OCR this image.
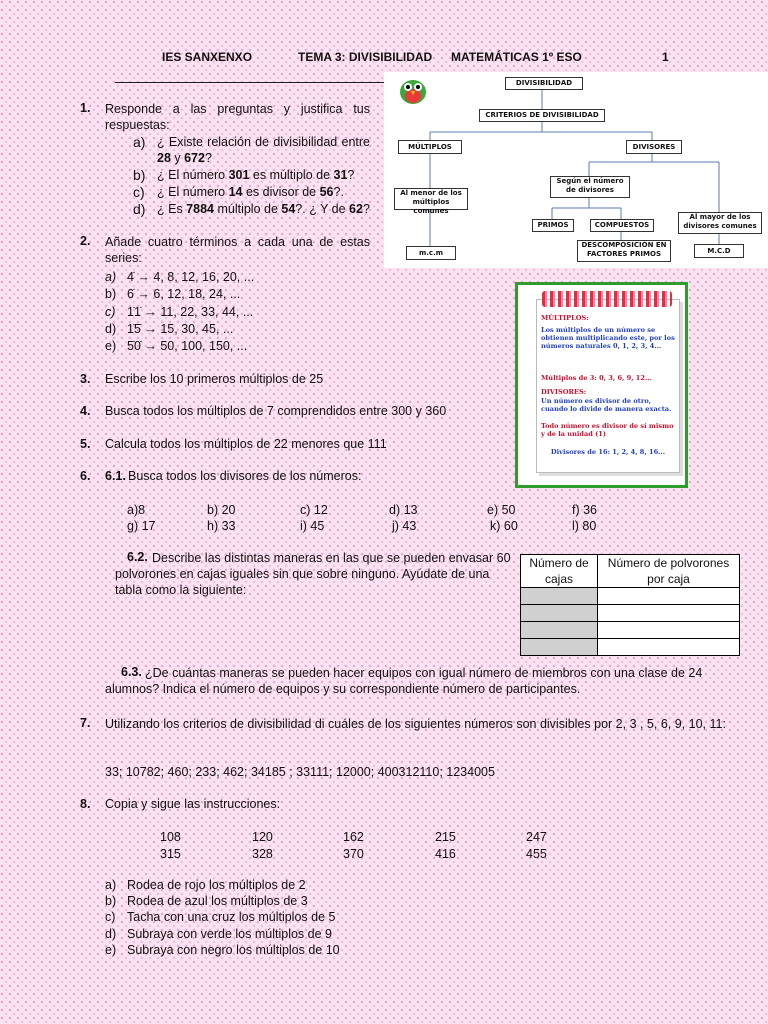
IES SANXENXO	TEMA 3: DIVISIBILIDAD MATEMÁTICAS 1º ESO	1
DIVISIBILIDAD
CRITERIOS DE DIVISIBILIDAD
MÚLTIPLOS	DIVISORES
Al menor de los múltiplos comunes
m.c.m
Según el número de divisores
PRIMOS	COMPUESTOS
DESCOMPOSICIÓN EN FACTORES PRIMOS
Al mayor de los divisores comunes
M.C.D
MÚLTIPLOS:
Los múltiplos de un número se obtienen multiplicando este, por los números naturales 0, 1, 2, 3, 4...
Múltiplos de 3: 0, 3, 6, 9, 12...
DIVISORES:
Un número es divisor de otro, cuando lo divide de manera exacta.
Todo número es divisor de sí mismo y de la unidad (1)
Divisores de 16: 1, 2, 4, 8, 16...
1. Responde a las preguntas y justifica tus respuestas:
a) ¿ Existe relación de divisibilidad entre 28 y 672?
b) ¿ El número 301 es múltiplo de 31?
c) ¿ El número 14 es divisor de 56?.
d) ¿ Es 7884 múltiplo de 54?. ¿ Y de 62?
2. Añade cuatro términos a cada una de estas series:
a) 4̇ → 4, 8, 12, 16, 20, ...
b) 6̇ → 6, 12, 18, 24, ...
c) 1̇1̇ → 11, 22, 33, 44, ...
d) 1̇5̇ → 15, 30, 45, ...
e) 5̇0̇ → 50, 100, 150, ...
3. Escribe los 10 primeros múltiplos de 25
4. Busca todos los múltiplos de 7 comprendidos entre 300 y 360
5. Calcula todos los múltiplos de 22 menores que 111
6. 6.1. Busca todos los divisores de los números:
a)8	b) 20	c) 12	d) 13	e) 50	f) 36
g) 17	h) 33	i) 45	j) 43	k) 60	l) 80
6.2. Describe las distintas maneras en las que se pueden envasar 60 polvorones en cajas iguales sin que sobre ninguno. Ayúdate de una tabla como la siguiente:
Número de cajas	Número de polvorones por caja

6.3. ¿De cuántas maneras se pueden hacer equipos con igual número de miembros con una clase de 24 alumnos? Indica el número de equipos y su correspondiente número de participantes.
7. Utilizando los criterios de divisibilidad di cuáles de los siguientes números son divisibles por 2, 3 , 5, 6, 9, 10, 11:
33; 10782; 460; 233; 462; 34185 ; 33111; 12000; 400312110; 1234005
8. Copia y sigue las instrucciones:
108	120	162	215	247
315	328	370	416	455
a) Rodea de rojo los múltiplos de 2
b) Rodea de azul los múltiplos de 3
c) Tacha con una cruz los múltiplos de 5
d) Subraya con verde los múltiplos de 9
e) Subraya con negro los múltiplos de 10
